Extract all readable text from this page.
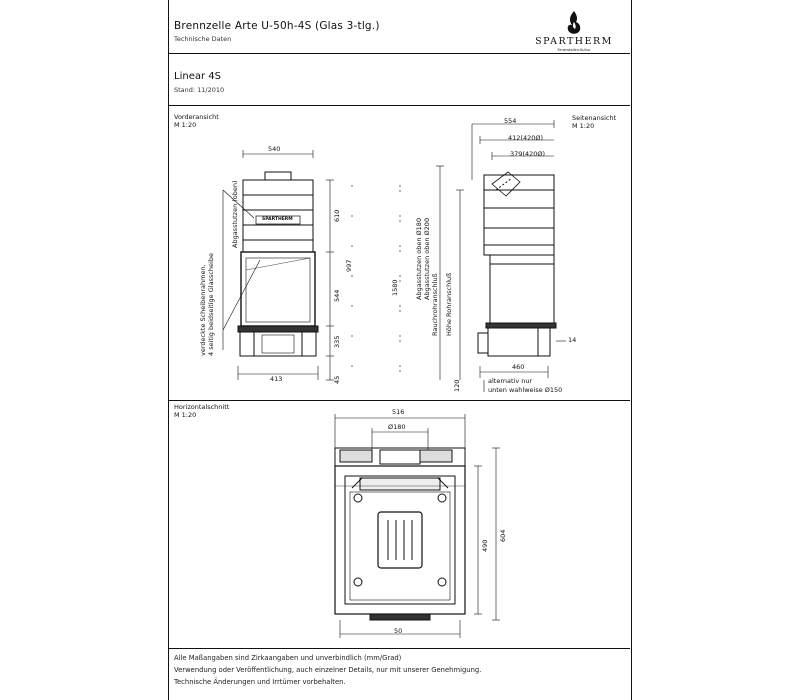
Brennzelle Arte U-50h-4S (Glas 3-tlg.)
Technische Daten	SPARTHERM
Feuerstellen-Kultur
Linear 4S
Stand: 11/2010
Vorderansicht
M 1:20
Seitenansicht
M 1:20
Horizontalschnitt
M 1:20
SPARTHERM
540
413
544
335
610
997
1580
45
verdeckte Scheibenrahmen, 4 seitig beidseitige Glasscheibe
Abgasstutzen (oben)
554
412(420Ø)
379(420Ø)
460
14
120
Abgasstutzen oben Ø180 Abgasstutzen oben Ø200
Rauchrohranschluß Höhe Rohranschluß
alternativ nur
unten wahlweise Ø150
516
Ø180
50
490
604
Alle Maßangaben sind Zirkaangaben und unverbindlich (mm/Grad)
Verwendung oder Veröffentlichung, auch einzelner Details, nur mit unserer Genehmigung.
Technische Änderungen und Irrtümer vorbehalten.
